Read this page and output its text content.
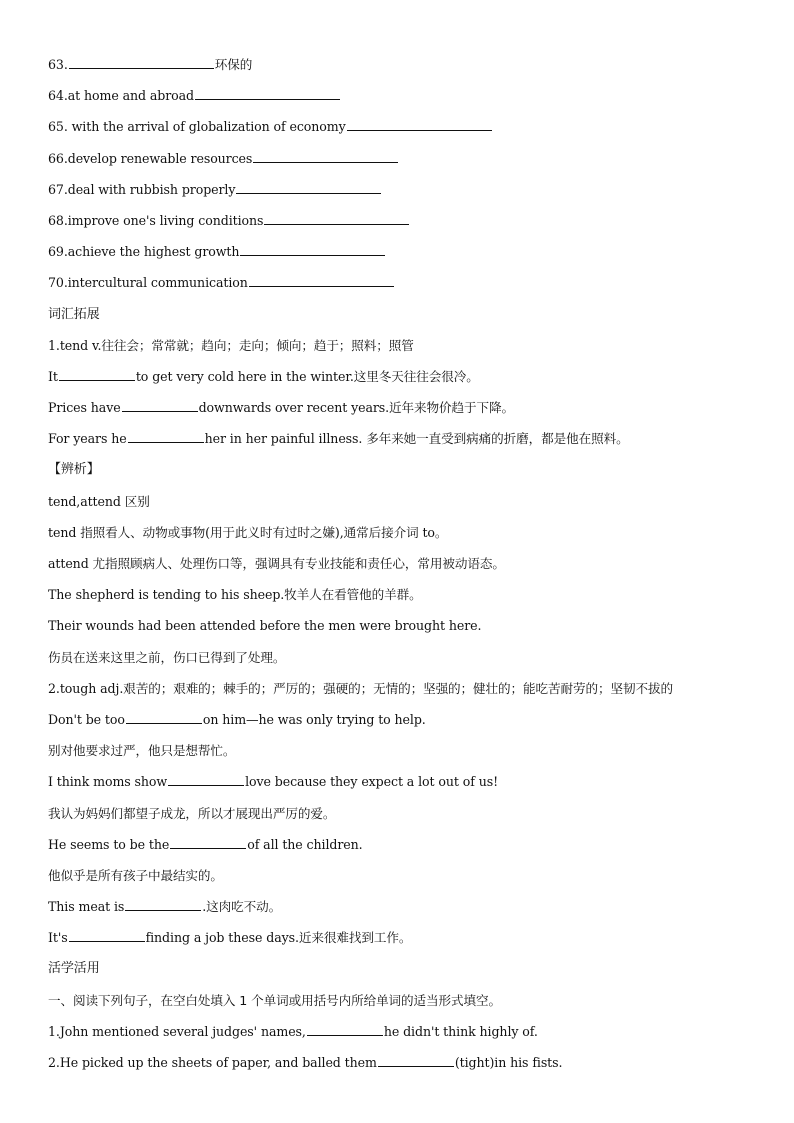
63.	环保的
64.at home and abroad
65. with the arrival of globalization of economy
66.develop renewable resources
67.deal with rubbish properly
68.improve one's living conditions
69.achieve the highest growth
70.intercultural communication
词汇拓展
1.tend v.往往会；常常就；趋向；走向；倾向；趋于；照料；照管
It	to get very cold here in the winter.这里冬天往往会很冷。
Prices have	downwards over recent years.近年来物价趋于下降。
For years he	her in her painful illness. 多年来她一直受到病痛的折磨，都是他在照料。
【辨析】
tend,attend 区别
tend 指照看人、动物或事物(用于此义时有过时之嫌),通常后接介词 to。
attend 尤指照顾病人、处理伤口等，强调具有专业技能和责任心，常用被动语态。
The shepherd is tending to his sheep.牧羊人在看管他的羊群。
Their wounds had been attended before the men were brought here.
伤员在送来这里之前，伤口已得到了处理。
2.tough adj.艰苦的；艰难的；棘手的；严厉的；强硬的；无情的；坚强的；健壮的；能吃苦耐劳的；坚韧不拔的
Don't be too	on him—he was only trying to help.
别对他要求过严，他只是想帮忙。
I think moms show	love because they expect a lot out of us!
我认为妈妈们都望子成龙，所以才展现出严厉的爱。
He seems to be the	of all the children.
他似乎是所有孩子中最结实的。
This meat is	.这肉吃不动。
It's	finding a job these days.近来很难找到工作。
活学活用
一、阅读下列句子，在空白处填入 1 个单词或用括号内所给单词的适当形式填空。
1.John mentioned several judges' names,	he didn't think highly of.
2.He picked up the sheets of paper, and balled them	(tight)in his fists.
